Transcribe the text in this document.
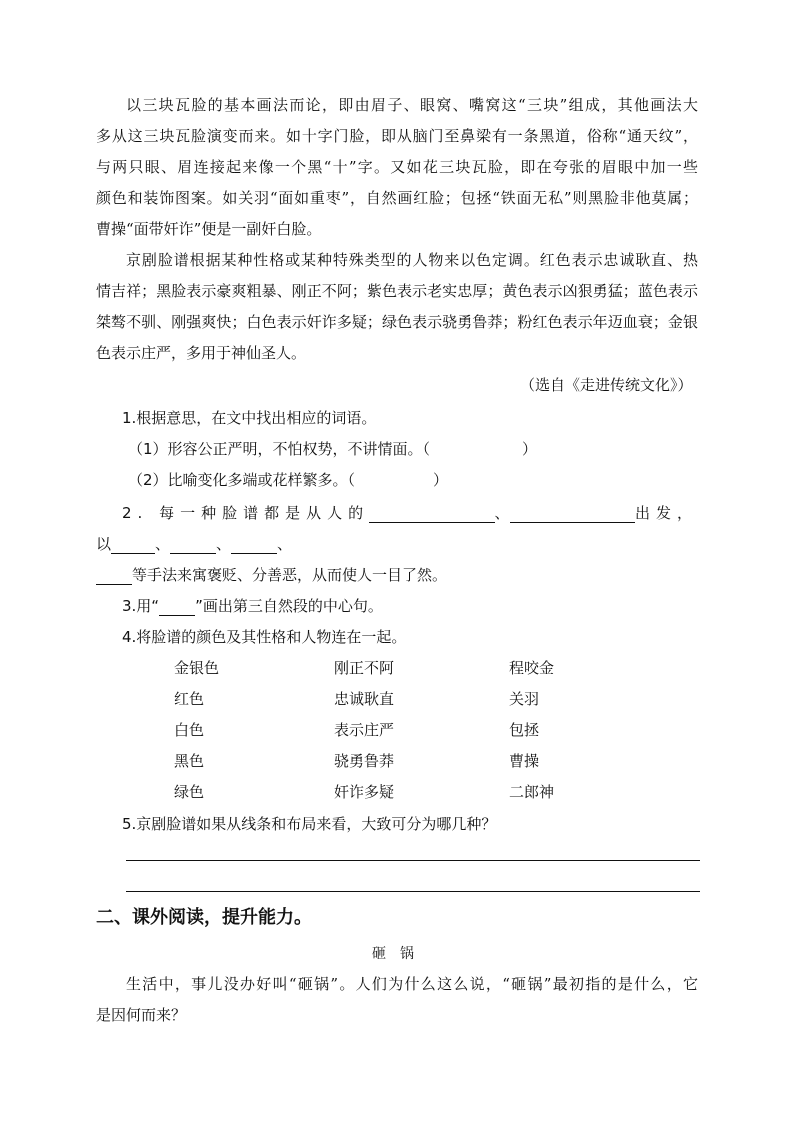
以三块瓦脸的基本画法而论，即由眉子、眼窝、嘴窝这“三块”组成，其他画法大
多从这三块瓦脸演变而来。如十字门脸，即从脑门至鼻梁有一条黑道，俗称“通天纹”，
与两只眼、眉连接起来像一个黑“十”字。又如花三块瓦脸，即在夸张的眉眼中加一些
颜色和装饰图案。如关羽“面如重枣”，自然画红脸；包拯“铁面无私”则黑脸非他莫属；
曹操“面带奸诈”便是一副奸白脸。
京剧脸谱根据某种性格或某种特殊类型的人物来以色定调。红色表示忠诚耿直、热
情吉祥；黑脸表示豪爽粗暴、刚正不阿；紫色表示老实忠厚；黄色表示凶狠勇猛；蓝色表示
桀骜不驯、刚强爽快；白色表示奸诈多疑；绿色表示骁勇鲁莽；粉红色表示年迈血衰；金银
色表示庄严，多用于神仙圣人。
（选自《走进传统文化》）
1.根据意思，在文中找出相应的词语。
（1）形容公正严明，不怕权势，不讲情面。（	）
（2）比喻变化多端或花样繁多。（	）
2. 每一种脸谱都是从人的	、	出发，
以	、	、	、
等手法来寓褒贬、分善恶，从而使人一目了然。
3.用“ ”画出第三自然段的中心句。
4.将脸谱的颜色及其性格和人物连在一起。
金银色	刚正不阿	程咬金
红色	忠诚耿直	关羽
白色	表示庄严	包拯
黑色	骁勇鲁莽	曹操
绿色	奸诈多疑	二郎神
5.京剧脸谱如果从线条和布局来看，大致可分为哪几种？
二、课外阅读，提升能力。
砸　锅
生活中，事儿没办好叫“砸锅”。人们为什么这么说，“砸锅”最初指的是什么，它
是因何而来？
